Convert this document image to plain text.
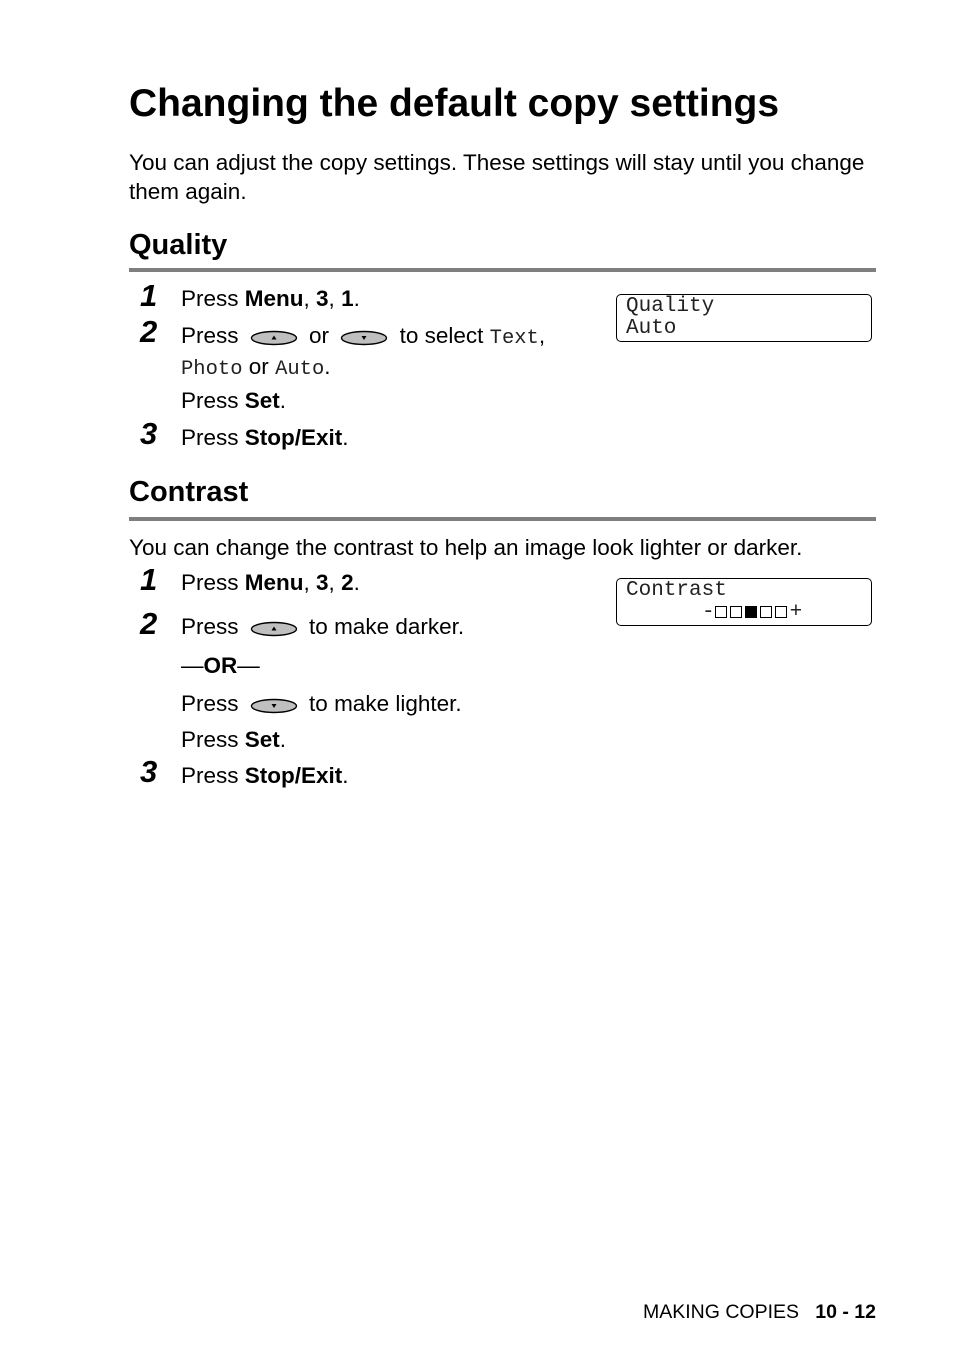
Changing the default copy settings
You can adjust the copy settings. These settings will stay until you change them again.
Quality
Quality
Auto
1 Press Menu, 3, 1.
2 Press	or	to select Text,
Photo or Auto.
Press Set.
3 Press Stop/Exit.
Contrast
You can change the contrast to help an image look lighter or darker.
Contrast
-	+
1 Press Menu, 3, 2.
2 Press	to make darker.
—OR—
Press	to make lighter.
Press Set.
3 Press Stop/Exit.
MAKING COPIES 10 - 12
